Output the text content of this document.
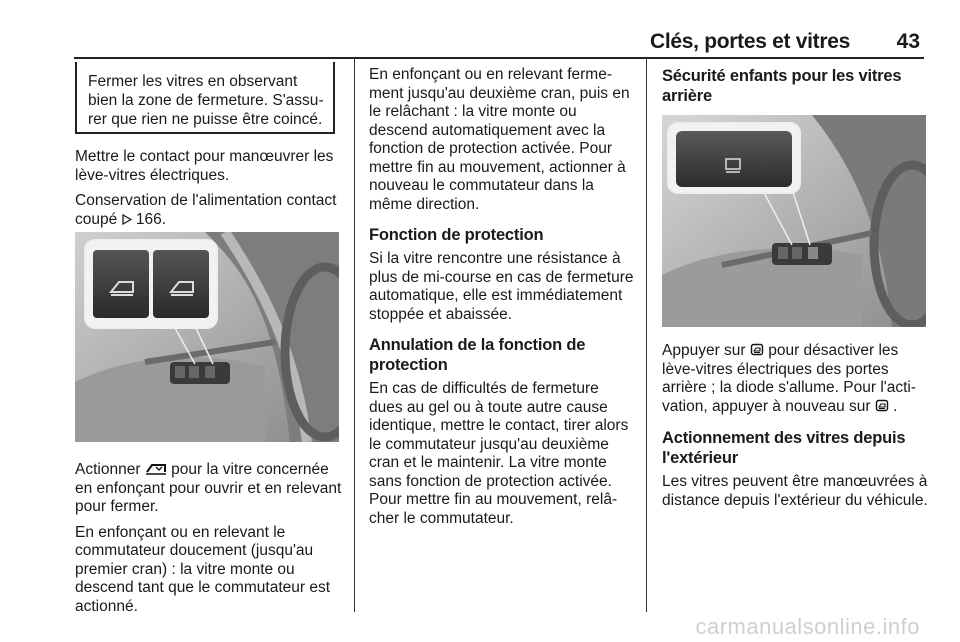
Clés, portes et vitres 43

Fermer les vitres en observant bien la zone de fermeture. S'assurer que rien ne puisse être coincé.

Mettre le contact pour manœuvrer les lève-vitres électriques.

Conservation de l'alimentation contact coupé 166.

Actionner pour la vitre concernée en enfonçant pour ouvrir et en relevant pour fermer.

En enfonçant ou en relevant le commutateur doucement (jusqu'au premier cran) : la vitre monte ou descend tant que le commutateur est actionné.

En enfonçant ou en relevant fermement jusqu'au deuxième cran, puis en le relâchant : la vitre monte ou descend automatiquement avec la fonction de protection activée. Pour mettre fin au mouvement, actionner à nouveau le commutateur dans la même direction.

Fonction de protection

Si la vitre rencontre une résistance à plus de mi-course en cas de fermeture automatique, elle est immédiatement stoppée et abaissée.

Annulation de la fonction de protection

En cas de difficultés de fermeture dues au gel ou à toute autre cause identique, mettre le contact, tirer alors le commutateur jusqu'au deuxième cran et le maintenir. La vitre monte sans fonction de protection activée. Pour mettre fin au mouvement, relâcher le commutateur.

Sécurité enfants pour les vitres arrière

Appuyer sur pour désactiver les lève-vitres électriques des portes arrière ; la diode s'allume. Pour l'activation, appuyer à nouveau sur .

Actionnement des vitres depuis l'extérieur

Les vitres peuvent être manœuvrées à distance depuis l'extérieur du véhicule.

carmanualsonline.info
